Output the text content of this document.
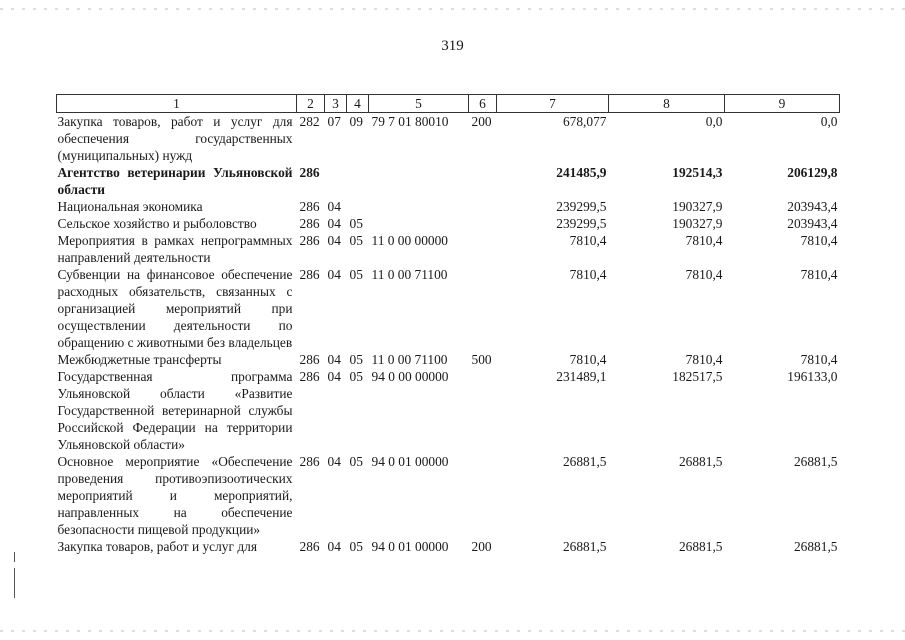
319
1	2	3	4	5	6	7	8	9
Закупка товаров, работ и услуг для обеспечения государственных (муниципальных) нужд	282	07	09	79 7 01 80010	200	678,077	0,0	0,0
Агентство ветеринарии Ульяновской области	286					241485,9	192514,3	206129,8
Национальная экономика	286	04				239299,5	190327,9	203943,4
Сельское хозяйство и рыболовство	286	04	05			239299,5	190327,9	203943,4
Мероприятия в рамках непрограммных направлений деятельности	286	04	05	11 0 00 00000		7810,4	7810,4	7810,4
Субвенции на финансовое обеспечение расходных обязательств, связанных с организацией мероприятий при осуществлении деятельности по обращению с животными без владельцев	286	04	05	11 0 00 71100		7810,4	7810,4	7810,4
Межбюджетные трансферты	286	04	05	11 0 00 71100	500	7810,4	7810,4	7810,4
Государственная программа Ульяновской области «Развитие Государственной ветеринарной службы Российской Федерации на территории Ульяновской области»	286	04	05	94 0 00 00000		231489,1	182517,5	196133,0
Основное мероприятие «Обеспечение проведения противоэпизоотических мероприятий и мероприятий, направленных на обеспечение безопасности пищевой продукции»	286	04	05	94 0 01 00000		26881,5	26881,5	26881,5
Закупка товаров, работ и услуг для	286	04	05	94 0 01 00000	200	26881,5	26881,5	26881,5
